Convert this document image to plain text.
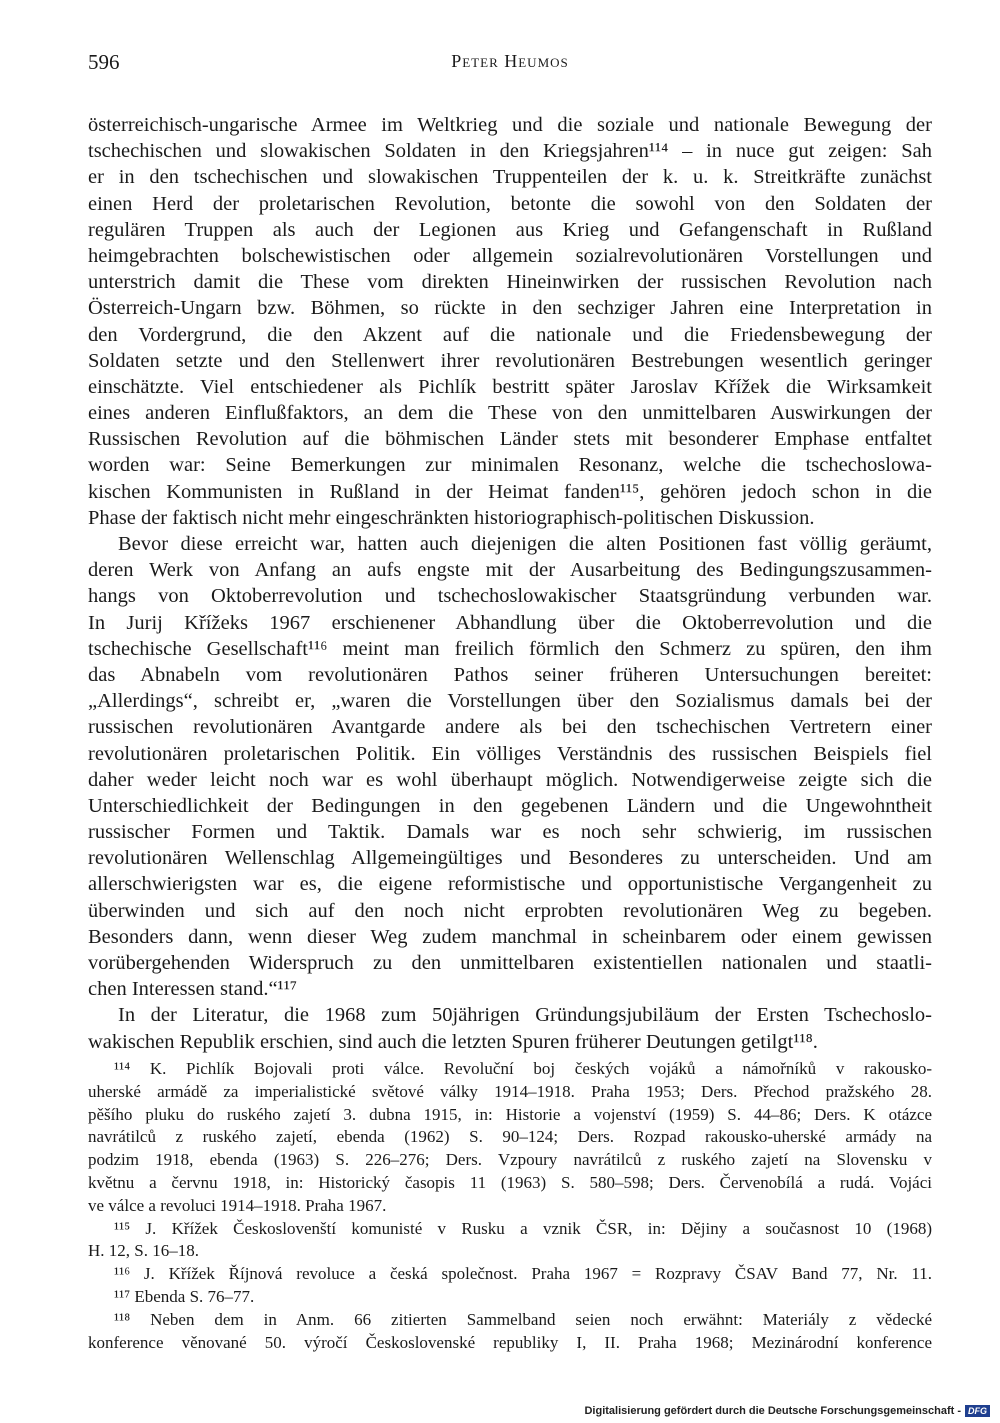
596	Peter Heumos
österreichisch-ungarische Armee im Weltkrieg und die soziale und nationale Bewegung der
tschechischen und slowakischen Soldaten in den Kriegsjahren¹¹⁴ – in nuce gut zeigen: Sah
er in den tschechischen und slowakischen Truppenteilen der k. u. k. Streitkräfte zunächst
einen Herd der proletarischen Revolution, betonte die sowohl von den Soldaten der
regulären Truppen als auch der Legionen aus Krieg und Gefangenschaft in Rußland
heimgebrachten bolschewistischen oder allgemein sozialrevolutionären Vorstellungen und
unterstrich damit die These vom direkten Hineinwirken der russischen Revolution nach
Österreich-Ungarn bzw. Böhmen, so rückte in den sechziger Jahren eine Interpretation in
den Vordergrund, die den Akzent auf die nationale und die Friedensbewegung der
Soldaten setzte und den Stellenwert ihrer revolutionären Bestrebungen wesentlich geringer
einschätzte. Viel entschiedener als Pichlík bestritt später Jaroslav Křížek die Wirksamkeit
eines anderen Einflußfaktors, an dem die These von den unmittelbaren Auswirkungen der
Russischen Revolution auf die böhmischen Länder stets mit besonderer Emphase entfaltet
worden war: Seine Bemerkungen zur minimalen Resonanz, welche die tschechoslowa-
kischen Kommunisten in Rußland in der Heimat fanden¹¹⁵, gehören jedoch schon in die
Phase der faktisch nicht mehr eingeschränkten historiographisch-politischen Diskussion.
Bevor diese erreicht war, hatten auch diejenigen die alten Positionen fast völlig geräumt,
deren Werk von Anfang an aufs engste mit der Ausarbeitung des Bedingungszusammen-
hangs von Oktoberrevolution und tschechoslowakischer Staatsgründung verbunden war.
In Jurij Křížeks 1967 erschienener Abhandlung über die Oktoberrevolution und die
tschechische Gesellschaft¹¹⁶ meint man freilich förmlich den Schmerz zu spüren, den ihm
das Abnabeln vom revolutionären Pathos seiner früheren Untersuchungen bereitet:
„Allerdings“, schreibt er, „waren die Vorstellungen über den Sozialismus damals bei der
russischen revolutionären Avantgarde andere als bei den tschechischen Vertretern einer
revolutionären proletarischen Politik. Ein völliges Verständnis des russischen Beispiels fiel
daher weder leicht noch war es wohl überhaupt möglich. Notwendigerweise zeigte sich die
Unterschiedlichkeit der Bedingungen in den gegebenen Ländern und die Ungewohntheit
russischer Formen und Taktik. Damals war es noch sehr schwierig, im russischen
revolutionären Wellenschlag Allgemeingültiges und Besonderes zu unterscheiden. Und am
allerschwierigsten war es, die eigene reformistische und opportunistische Vergangenheit zu
überwinden und sich auf den noch nicht erprobten revolutionären Weg zu begeben.
Besonders dann, wenn dieser Weg zudem manchmal in scheinbarem oder einem gewissen
vorübergehenden Widerspruch zu den unmittelbaren existentiellen nationalen und staatli-
chen Interessen stand.“¹¹⁷
In der Literatur, die 1968 zum 50jährigen Gründungsjubiläum der Ersten Tschechoslo-
wakischen Republik erschien, sind auch die letzten Spuren früherer Deutungen getilgt¹¹⁸.
¹¹⁴ K. Pichlík Bojovali proti válce. Revoluční boj českých vojáků a námořníků v rakousko-
uherské armádě za imperialistické světové války 1914–1918. Praha 1953; Ders. Přechod pražského 28.
pěšího pluku do ruského zajetí 3. dubna 1915, in: Historie a vojenství (1959) S. 44–86; Ders. K otázce
navrátilců z ruského zajetí, ebenda (1962) S. 90–124; Ders. Rozpad rakousko-uherské armády na
podzim 1918, ebenda (1963) S. 226–276; Ders. Vzpoury navrátilců z ruského zajetí na Slovensku v
květnu a červnu 1918, in: Historický časopis 11 (1963) S. 580–598; Ders. Červenobílá a rudá. Vojáci
ve válce a revoluci 1914–1918. Praha 1967.
¹¹⁵ J. Křížek Českoslovenští komunisté v Rusku a vznik ČSR, in: Dějiny a současnost 10 (1968)
H. 12, S. 16–18.
¹¹⁶ J. Křížek Říjnová revoluce a česká společnost. Praha 1967 = Rozpravy ČSAV Band 77, Nr. 11.
¹¹⁷ Ebenda S. 76–77.
¹¹⁸ Neben dem in Anm. 66 zitierten Sammelband seien noch erwähnt: Materiály z vědecké
konference věnované 50. výročí Československé republiky I, II. Praha 1968; Mezinárodní konference
Digitalisierung gefördert durch die Deutsche Forschungsgemeinschaft - DFG
